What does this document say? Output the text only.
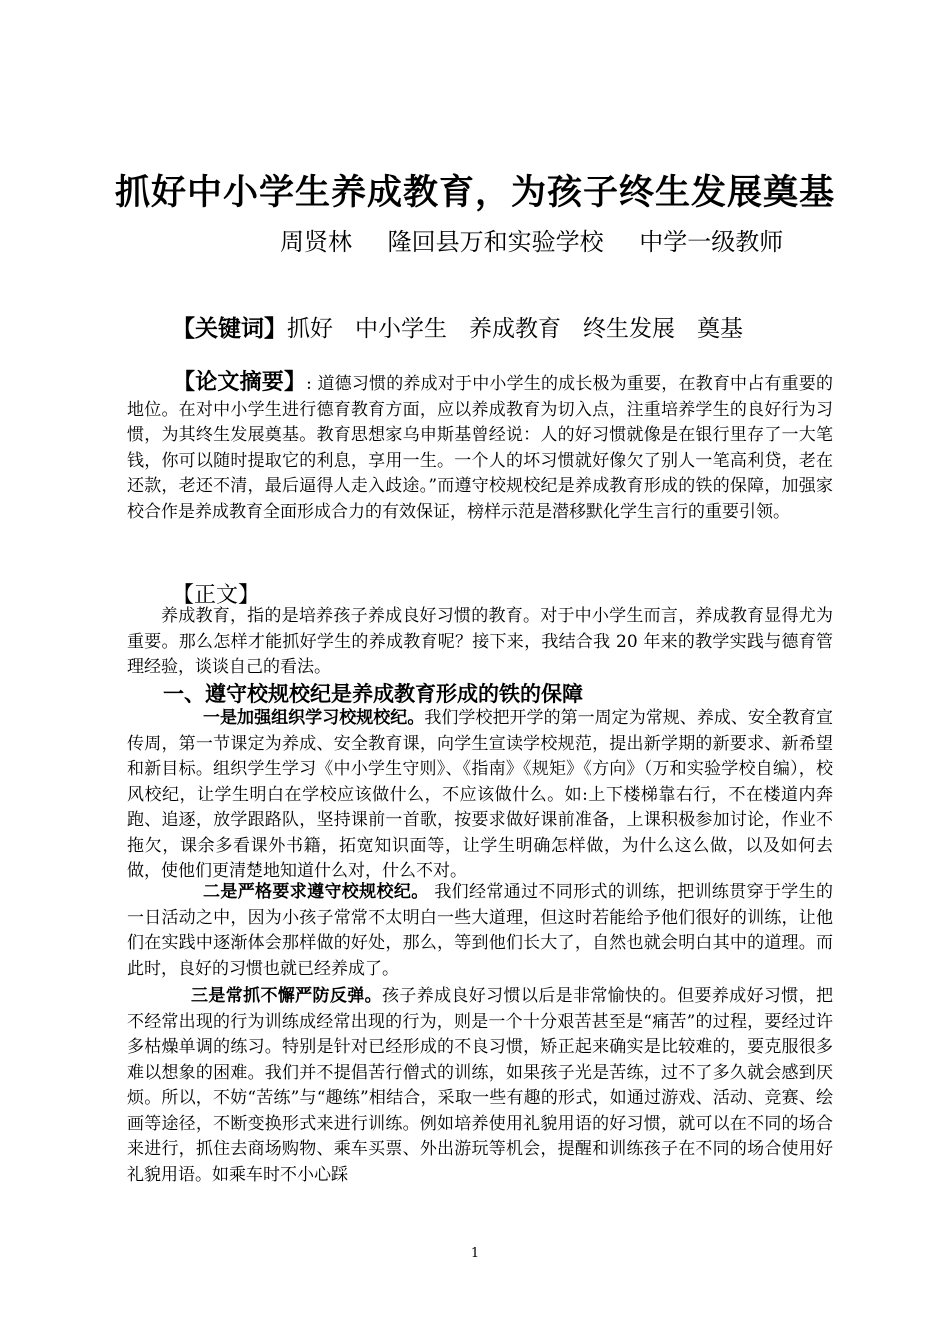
抓好中小学生养成教育，为孩子终生发展奠基
周贤林 隆回县万和实验学校 中学一级教师
【关键词】抓好 中小学生 养成教育 终生发展 奠基
【论文摘要】: 道德习惯的养成对于中小学生的成长极为重要，在教育中占有重要的地位。在对中小学生进行德育教育方面，应以养成教育为切入点，注重培养学生的良好行为习惯，为其终生发展奠基。教育思想家乌申斯基曾经说：人的好习惯就像是在银行里存了一大笔钱，你可以随时提取它的利息，享用一生。一个人的坏习惯就好像欠了别人一笔高利贷，老在还款，老还不清，最后逼得人走入歧途。”而遵守校规校纪是养成教育形成的铁的保障，加强家校合作是养成教育全面形成合力的有效保证，榜样示范是潜移默化学生言行的重要引领。
【正文】
养成教育，指的是培养孩子养成良好习惯的教育。对于中小学生而言，养成教育显得尤为重要。那么怎样才能抓好学生的养成教育呢？接下来，我结合我 20 年来的教学实践与德育管理经验，谈谈自己的看法。
一、遵守校规校纪是养成教育形成的铁的保障
一是加强组织学习校规校纪。我们学校把开学的第一周定为常规、养成、安全教育宣传周，第一节课定为养成、安全教育课，向学生宣读学校规范，提出新学期的新要求、新希望和新目标。组织学生学习《中小学生守则》、《指南》《规矩》《方向》（万和实验学校自编），校风校纪，让学生明白在学校应该做什么，不应该做什么。如:上下楼梯靠右行，不在楼道内奔跑、追逐，放学跟路队，坚持课前一首歌，按要求做好课前准备，上课积极参加讨论，作业不拖欠，课余多看课外书籍，拓宽知识面等，让学生明确怎样做，为什么这么做，以及如何去做，使他们更清楚地知道什么对，什么不对。
二是严格要求遵守校规校纪。 我们经常通过不同形式的训练，把训练贯穿于学生的一日活动之中，因为小孩子常常不太明白一些大道理，但这时若能给予他们很好的训练，让他们在实践中逐渐体会那样做的好处，那么，等到他们长大了，自然也就会明白其中的道理。而此时，良好的习惯也就已经养成了。
三是常抓不懈严防反弹。孩子养成良好习惯以后是非常愉快的。但要养成好习惯，把不经常出现的行为训练成经常出现的行为，则是一个十分艰苦甚至是“痛苦”的过程，要经过许多枯燥单调的练习。特别是针对已经形成的不良习惯，矫正起来确实是比较难的，要克服很多难以想象的困难。我们并不提倡苦行僧式的训练，如果孩子光是苦练，过不了多久就会感到厌烦。所以，不妨“苦练”与“趣练”相结合，采取一些有趣的形式，如通过游戏、活动、竞赛、绘画等途径，不断变换形式来进行训练。例如培养使用礼貌用语的好习惯，就可以在不同的场合来进行，抓住去商场购物、乘车买票、外出游玩等机会，提醒和训练孩子在不同的场合使用好礼貌用语。如乘车时不小心踩
1
